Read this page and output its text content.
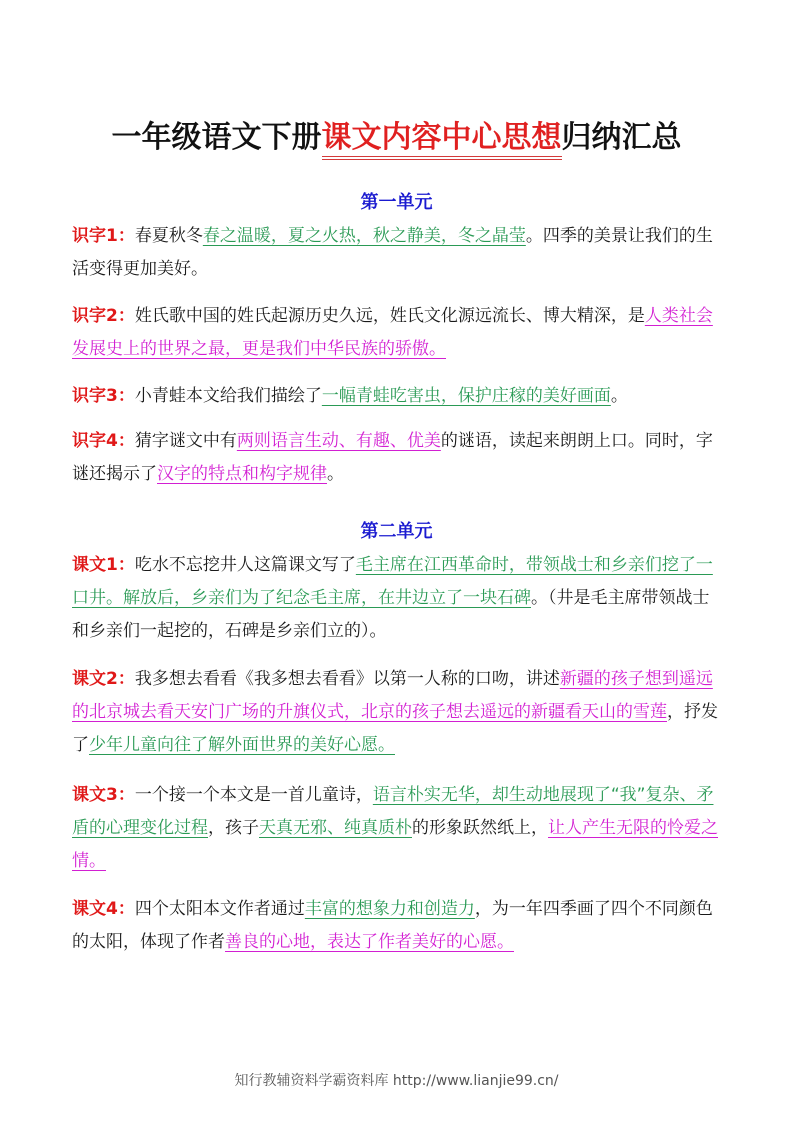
一年级语文下册课文内容中心思想归纳汇总
第一单元
识字1：春夏秋冬春之温暖，夏之火热，秋之静美，冬之晶莹。四季的美景让我们的生活变得更加美好。
识字2：姓氏歌中国的姓氏起源历史久远，姓氏文化源远流长、博大精深，是人类社会发展史上的世界之最，更是我们中华民族的骄傲。
识字3：小青蛙本文给我们描绘了一幅青蛙吃害虫，保护庄稼的美好画面。
识字4：猜字谜文中有两则语言生动、有趣、优美的谜语，读起来朗朗上口。同时，字谜还揭示了汉字的特点和构字规律。
第二单元
课文1：吃水不忘挖井人这篇课文写了毛主席在江西革命时，带领战士和乡亲们挖了一口井。解放后，乡亲们为了纪念毛主席，在井边立了一块石碑。（井是毛主席带领战士和乡亲们一起挖的，石碑是乡亲们立的）。
课文2：我多想去看看《我多想去看看》以第一人称的口吻，讲述新疆的孩子想到遥远的北京城去看天安门广场的升旗仪式，北京的孩子想去遥远的新疆看天山的雪莲，抒发了少年儿童向往了解外面世界的美好心愿。
课文3：一个接一个本文是一首儿童诗，语言朴实无华，却生动地展现了“我”复杂、矛盾的心理变化过程，孩子天真无邪、纯真质朴的形象跃然纸上，让人产生无限的怜爱之情。
课文4：四个太阳本文作者通过丰富的想象力和创造力，为一年四季画了四个不同颜色的太阳，体现了作者善良的心地，表达了作者美好的心愿。
知行教辅资料学霸资料库 http://www.lianjie99.cn/
